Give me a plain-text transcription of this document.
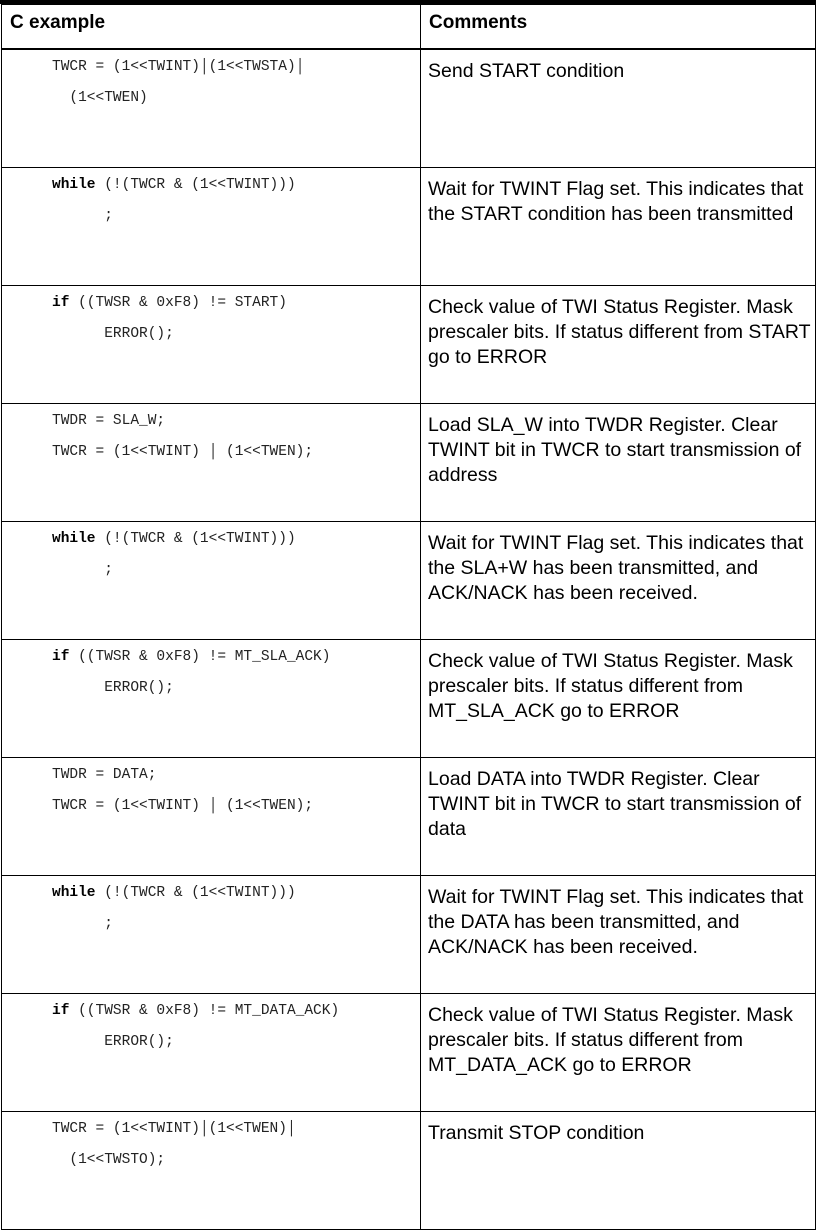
C example	Comments

TWCR = (1<<TWINT)│(1<<TWSTA)│
(1<<TWEN)	Send START condition

while (!(TWCR & (1<<TWINT)))
;	Wait for TWINT Flag set. This indicates that the START condition has been transmitted

if ((TWSR & 0xF8) != START)
ERROR();	Check value of TWI Status Register. Mask prescaler bits. If status different from START go to ERROR

TWDR = SLA_W;
TWCR = (1<<TWINT) │ (1<<TWEN);	Load SLA_W into TWDR Register. Clear TWINT bit in TWCR to start transmission of address

while (!(TWCR & (1<<TWINT)))
;	Wait for TWINT Flag set. This indicates that the SLA+W has been transmitted, and ACK/NACK has been received.

if ((TWSR & 0xF8) != MT_SLA_ACK)
ERROR();	Check value of TWI Status Register. Mask prescaler bits. If status different from MT_SLA_ACK go to ERROR

TWDR = DATA;
TWCR = (1<<TWINT) │ (1<<TWEN);	Load DATA into TWDR Register. Clear TWINT bit in TWCR to start transmission of data

while (!(TWCR & (1<<TWINT)))
;	Wait for TWINT Flag set. This indicates that the DATA has been transmitted, and ACK/NACK has been received.

if ((TWSR & 0xF8) != MT_DATA_ACK)
ERROR();	Check value of TWI Status Register. Mask prescaler bits. If status different from MT_DATA_ACK go to ERROR

TWCR = (1<<TWINT)│(1<<TWEN)│
(1<<TWSTO);	Transmit STOP condition
